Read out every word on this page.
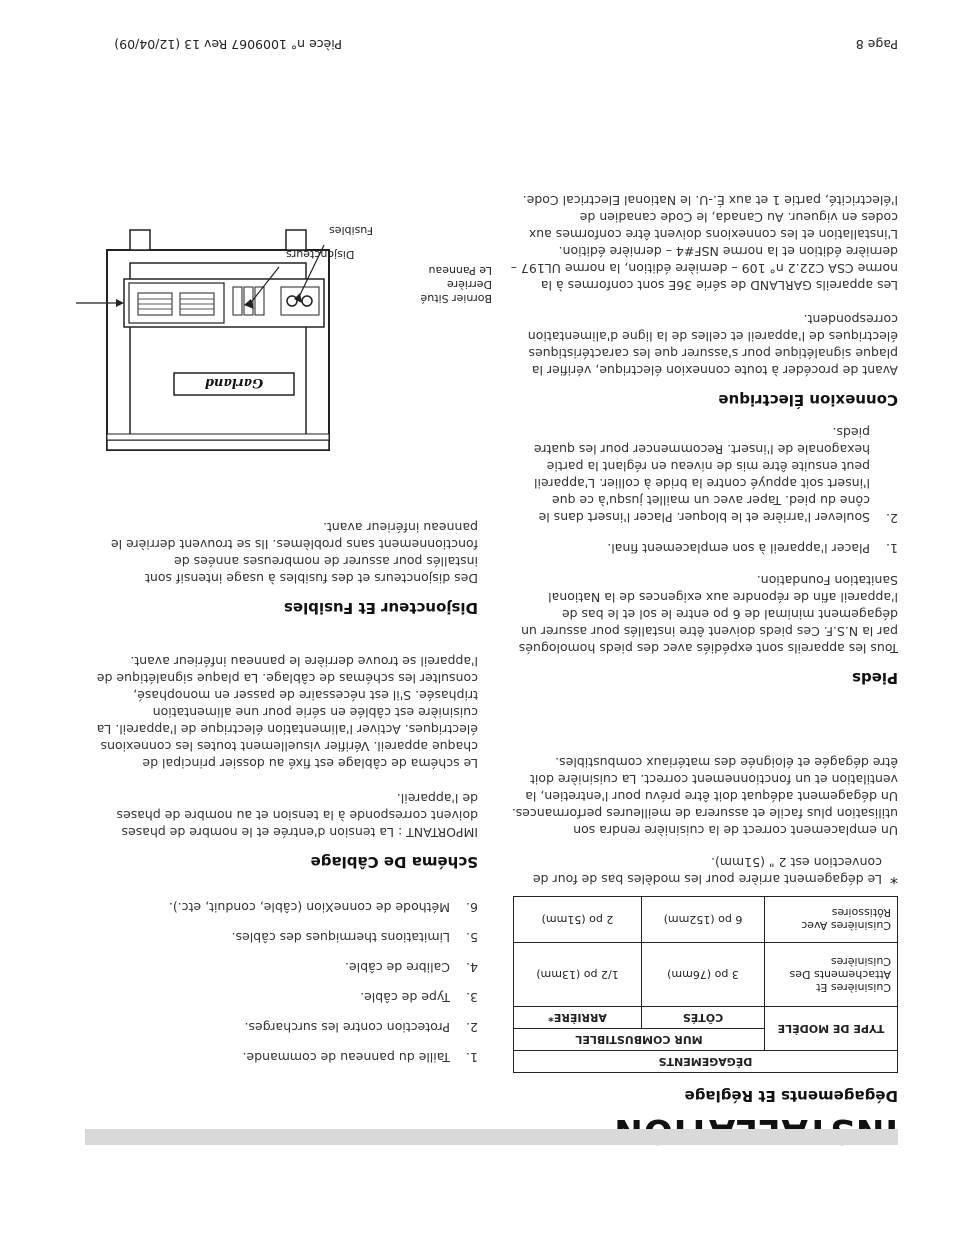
Dégagements Et Réglage
DÉGAGEMENTS		
TYPE DE MODÈLE	MUR COMBUSTIBLEL	
	CÔTÉS	ARRIÈRE*
Cuisinières Et Attachements Des Cuisinières	3 po (76mm)	1/2 po (13mm)
Cuisinières Avec Rôtissoires	6 po (152mm)	2 po (51mm)
*

Le dégagement arrière pour les modèles bas de four de convection est 2 " (51mm).

Un emplacement correct de la cuisinière rendra son utilisation plus facile et assurera de meilleures performances. Un dégagement adéquat doit être prévu pour l'entretien, la ventilation et un fonctionnement correct. La cuisinière doit être dégagée et éloignée des matériaux combustibles.

Pieds

Tous les appareils sont expédiés avec des pieds homologués par la N.S.F. Ces pieds doivent être installés pour assurer un dégagement minimal de 6 po entre le sol et le bas de l'appareil afin de répondre aux exigences de la National Sanitation Foundation.

1.Placer l'appareil à son emplacement final.
2.
Soulever l'arrière et le bloquer. Placer l'insert dans le cône du pied. Taper avec un maillet jusqu'à ce que l'insert soit appuyé contre la bride à collier. L'appareil peut ensuite être mis de niveau en réglant la partie hexagonale de l'insert. Recommencer pour les quatre pieds.
Connexion Électrique

Avant de procéder à toute connexion électrique, vérifier la plaque signalétique pour s'assurer que les caractéristiques électriques de l'appareil et celles de la ligne d'alimentation correspondent.

Les appareils GARLAND de série 36E sont conformes à la norme CSA C22.2 n° 109 – dernière édition, la norme UL197 – dernière édition et la norme NSF#4 – dernière édition. L'installation et les connexions doivent être conformes aux codes en vigueur. Au Canada, le Code canadien de l'électricité, partie 1 et aux É.-U. le National Electrical Code.

1.Taille du panneau de commande.
2.Protection contre les surcharges.
3.Type de câble.
4.Calibre de câble.
5.Limitations thermiques des câbles.
6.Méthode de conneXion (câble, conduit, etc.).
Schéma De Câblage

IMPORTANT : La tension d'entrée et le nombre de phases doivent corresponde à la tension et au nombre de phases de l'appareil.

Le schéma de câblage est fixé au dossier principal de chaque appareil. Vérifier visuellement toutes les connexions électriques. Activer l'alimentation électrique de l'appareil. La cuisinière est câblée en série pour une alimentation triphasée. S'il est nécessaire de passer en monophasé, consulter les schémas de câblage. La plaque signalétique de l'appareil se trouve derrière le panneau inférieur avant.

Disjoncteur Et Fusibles

Des disjoncteurs et des fusibles à usage intensif sont installés pour assurer de nombreuses années de fonctionnement sans problèmes. Ils se trouvent derrière le panneau inférieur avant.

Garland
Fusibles
Disjoncteurs
Bornier Situé
Derrière
Le Panneau
Page 8
Pièce n° 1009067 Rev 13 (12/04/09)
